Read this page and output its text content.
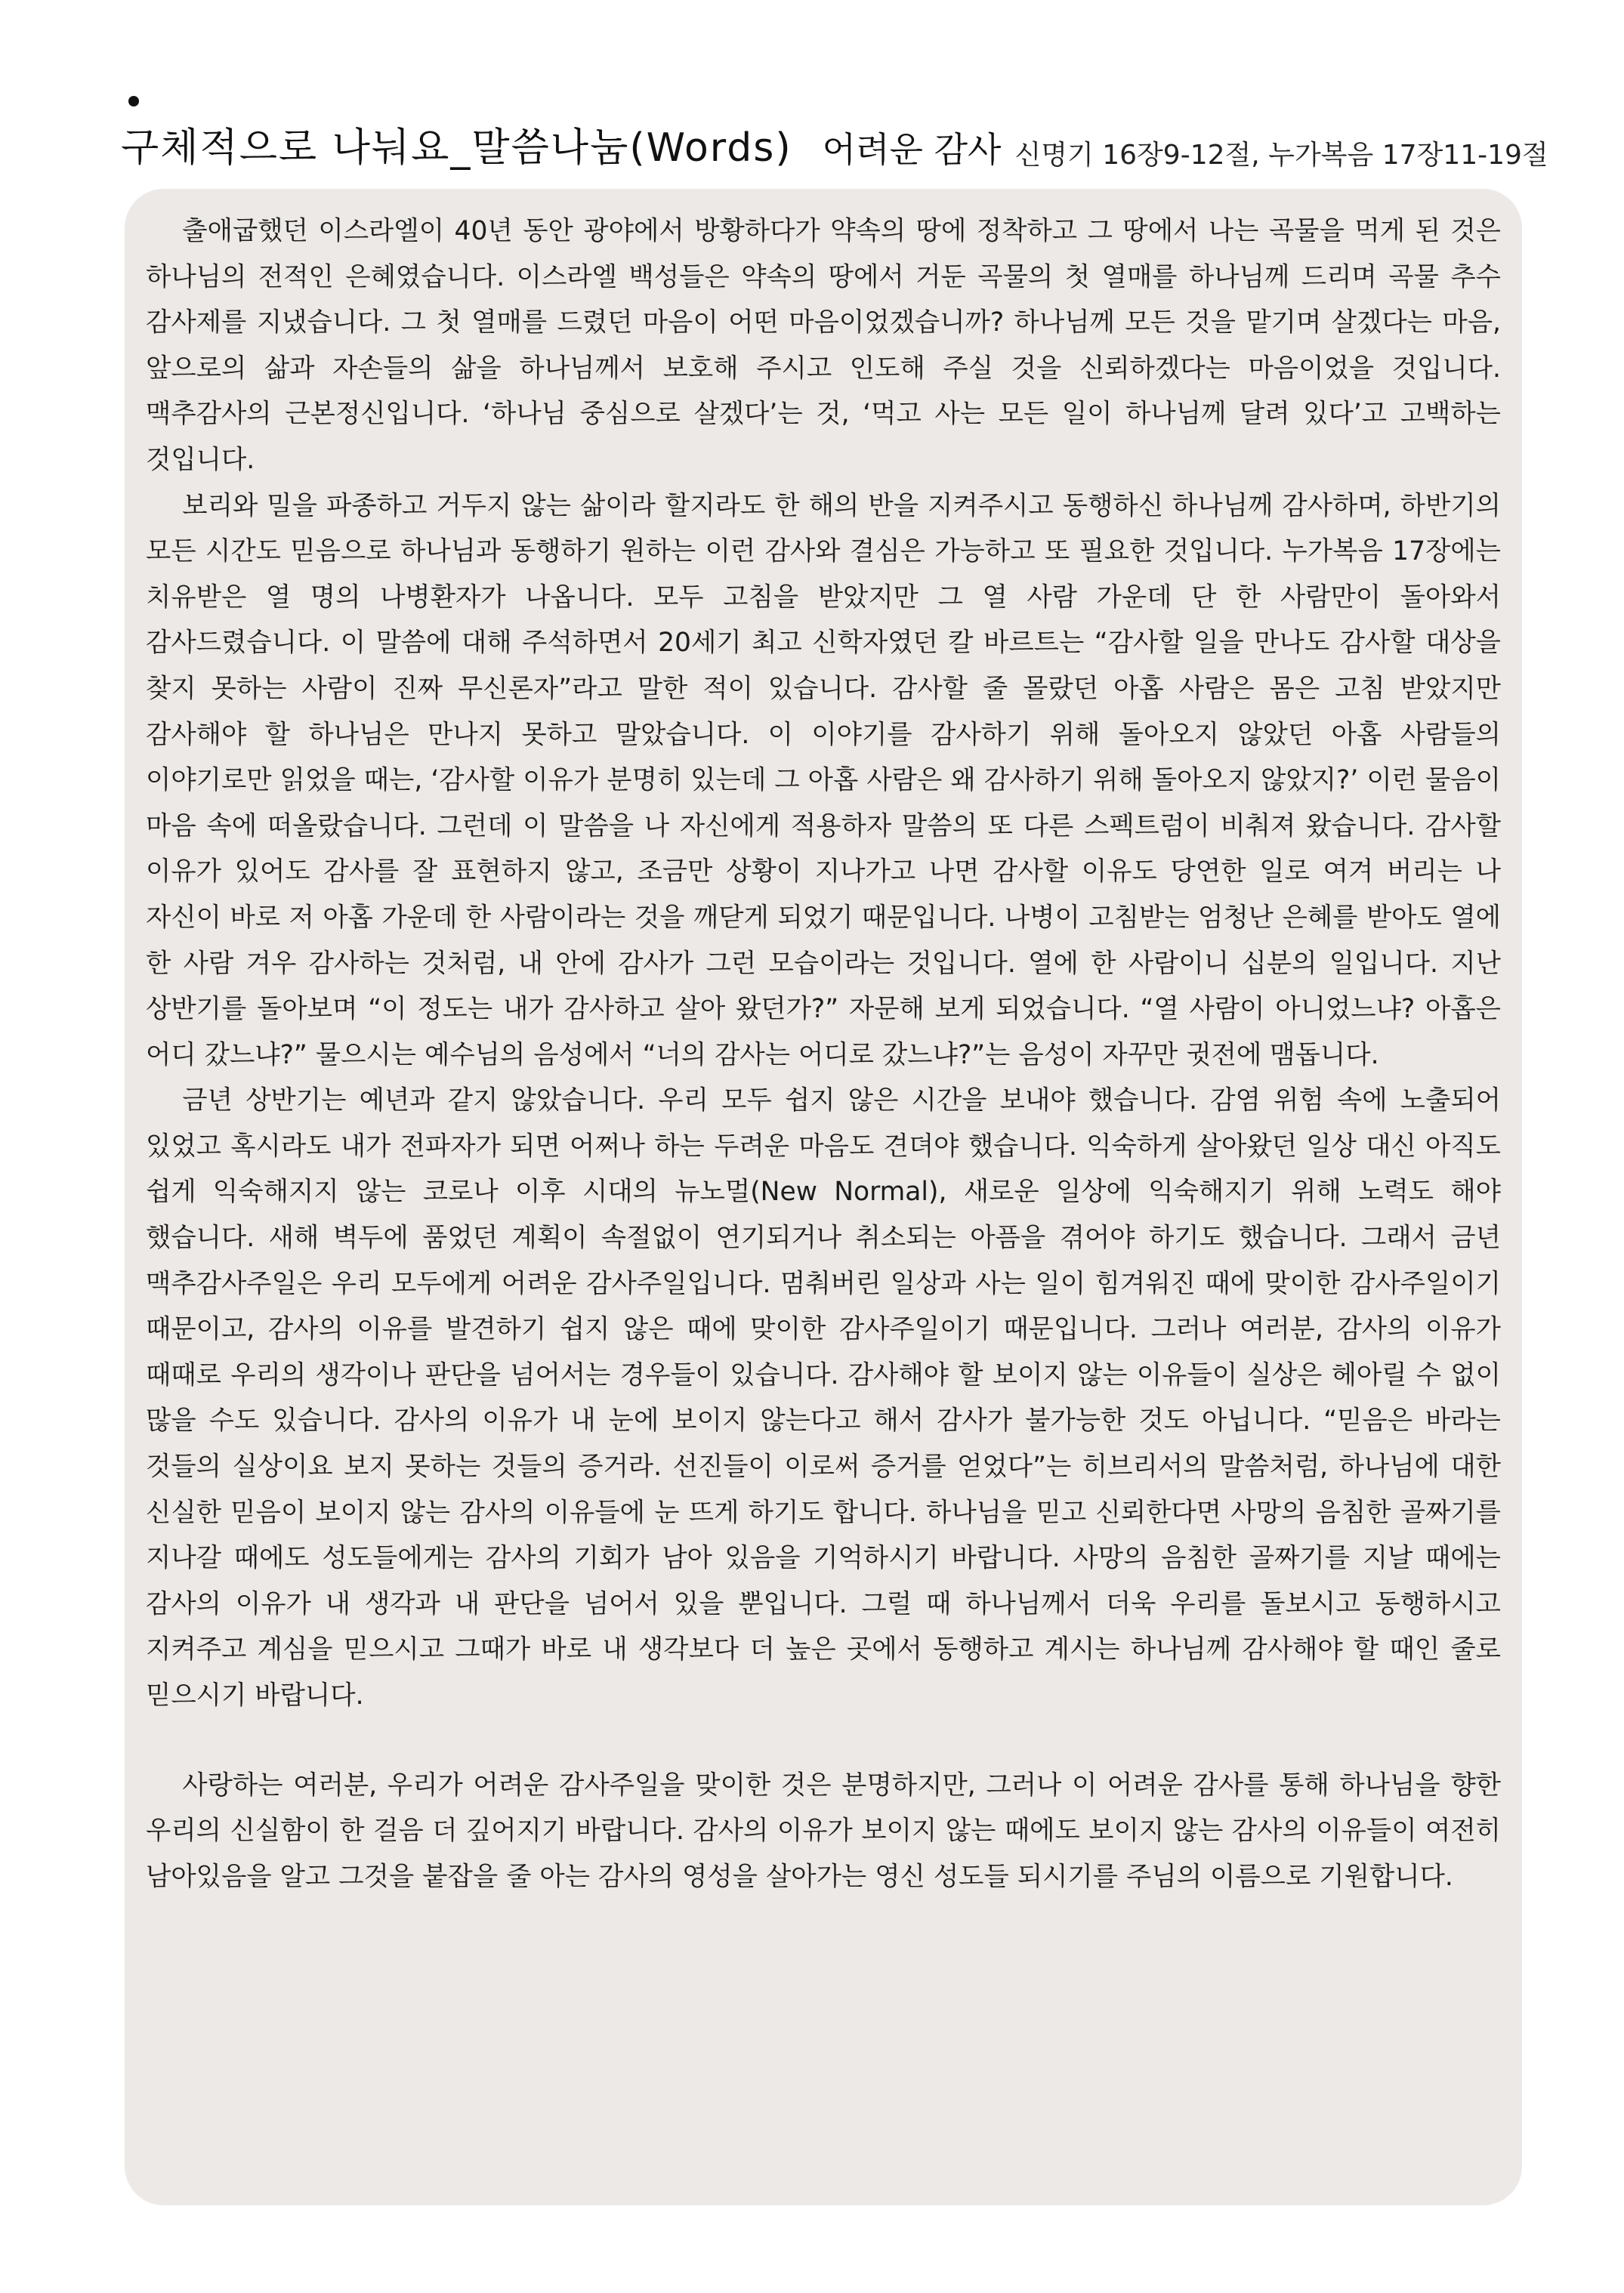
구체적으로 나눠요_말씀나눔(Words) 어려운 감사 신명기 16장9-12절, 누가복음 17장11-19절

출애굽했던 이스라엘이 40년 동안 광야에서 방황하다가 약속의 땅에 정착하고 그 땅에서 나는 곡물을 먹게 된 것은 하나님의 전적인 은혜였습니다. 이스라엘 백성들은 약속의 땅에서 거둔 곡물의 첫 열매를 하나님께 드리며 곡물 추수 감사제를 지냈습니다. 그 첫 열매를 드렸던 마음이 어떤 마음이었겠습니까? 하나님께 모든 것을 맡기며 살겠다는 마음, 앞으로의 삶과 자손들의 삶을 하나님께서 보호해 주시고 인도해 주실 것을 신뢰하겠다는 마음이었을 것입니다. 맥추감사의 근본정신입니다. ‘하나님 중심으로 살겠다’는 것, ‘먹고 사는 모든 일이 하나님께 달려 있다’고 고백하는 것입니다.

보리와 밀을 파종하고 거두지 않는 삶이라 할지라도 한 해의 반을 지켜주시고 동행하신 하나님께 감사하며, 하반기의 모든 시간도 믿음으로 하나님과 동행하기 원하는 이런 감사와 결심은 가능하고 또 필요한 것입니다. 누가복음 17장에는 치유받은 열 명의 나병환자가 나옵니다. 모두 고침을 받았지만 그 열 사람 가운데 단 한 사람만이 돌아와서 감사드렸습니다. 이 말씀에 대해 주석하면서 20세기 최고 신학자였던 칼 바르트는 “감사할 일을 만나도 감사할 대상을 찾지 못하는 사람이 진짜 무신론자”라고 말한 적이 있습니다. 감사할 줄 몰랐던 아홉 사람은 몸은 고침 받았지만 감사해야 할 하나님은 만나지 못하고 말았습니다. 이 이야기를 감사하기 위해 돌아오지 않았던 아홉 사람들의 이야기로만 읽었을 때는, ‘감사할 이유가 분명히 있는데 그 아홉 사람은 왜 감사하기 위해 돌아오지 않았지?’ 이런 물음이 마음 속에 떠올랐습니다. 그런데 이 말씀을 나 자신에게 적용하자 말씀의 또 다른 스펙트럼이 비춰져 왔습니다. 감사할 이유가 있어도 감사를 잘 표현하지 않고, 조금만 상황이 지나가고 나면 감사할 이유도 당연한 일로 여겨 버리는 나 자신이 바로 저 아홉 가운데 한 사람이라는 것을 깨닫게 되었기 때문입니다. 나병이 고침받는 엄청난 은혜를 받아도 열에 한 사람 겨우 감사하는 것처럼, 내 안에 감사가 그런 모습이라는 것입니다. 열에 한 사람이니 십분의 일입니다. 지난 상반기를 돌아보며 “이 정도는 내가 감사하고 살아 왔던가?” 자문해 보게 되었습니다. “열 사람이 아니었느냐? 아홉은 어디 갔느냐?” 물으시는 예수님의 음성에서 “너의 감사는 어디로 갔느냐?”는 음성이 자꾸만 귓전에 맴돕니다.

금년 상반기는 예년과 같지 않았습니다. 우리 모두 쉽지 않은 시간을 보내야 했습니다. 감염 위험 속에 노출되어 있었고 혹시라도 내가 전파자가 되면 어쩌나 하는 두려운 마음도 견뎌야 했습니다. 익숙하게 살아왔던 일상 대신 아직도 쉽게 익숙해지지 않는 코로나 이후 시대의 뉴노멀(New Normal), 새로운 일상에 익숙해지기 위해 노력도 해야 했습니다. 새해 벽두에 품었던 계획이 속절없이 연기되거나 취소되는 아픔을 겪어야 하기도 했습니다. 그래서 금년 맥추감사주일은 우리 모두에게 어려운 감사주일입니다. 멈춰버린 일상과 사는 일이 힘겨워진 때에 맞이한 감사주일이기 때문이고, 감사의 이유를 발견하기 쉽지 않은 때에 맞이한 감사주일이기 때문입니다. 그러나 여러분, 감사의 이유가 때때로 우리의 생각이나 판단을 넘어서는 경우들이 있습니다. 감사해야 할 보이지 않는 이유들이 실상은 헤아릴 수 없이 많을 수도 있습니다. 감사의 이유가 내 눈에 보이지 않는다고 해서 감사가 불가능한 것도 아닙니다. “믿음은 바라는 것들의 실상이요 보지 못하는 것들의 증거라. 선진들이 이로써 증거를 얻었다”는 히브리서의 말씀처럼, 하나님에 대한 신실한 믿음이 보이지 않는 감사의 이유들에 눈 뜨게 하기도 합니다. 하나님을 믿고 신뢰한다면 사망의 음침한 골짜기를 지나갈 때에도 성도들에게는 감사의 기회가 남아 있음을 기억하시기 바랍니다. 사망의 음침한 골짜기를 지날 때에는 감사의 이유가 내 생각과 내 판단을 넘어서 있을 뿐입니다. 그럴 때 하나님께서 더욱 우리를 돌보시고 동행하시고 지켜주고 계심을 믿으시고 그때가 바로 내 생각보다 더 높은 곳에서 동행하고 계시는 하나님께 감사해야 할 때인 줄로 믿으시기 바랍니다.

사랑하는 여러분, 우리가 어려운 감사주일을 맞이한 것은 분명하지만, 그러나 이 어려운 감사를 통해 하나님을 향한 우리의 신실함이 한 걸음 더 깊어지기 바랍니다. 감사의 이유가 보이지 않는 때에도 보이지 않는 감사의 이유들이 여전히 남아있음을 알고 그것을 붙잡을 줄 아는 감사의 영성을 살아가는 영신 성도들 되시기를 주님의 이름으로 기원합니다.
